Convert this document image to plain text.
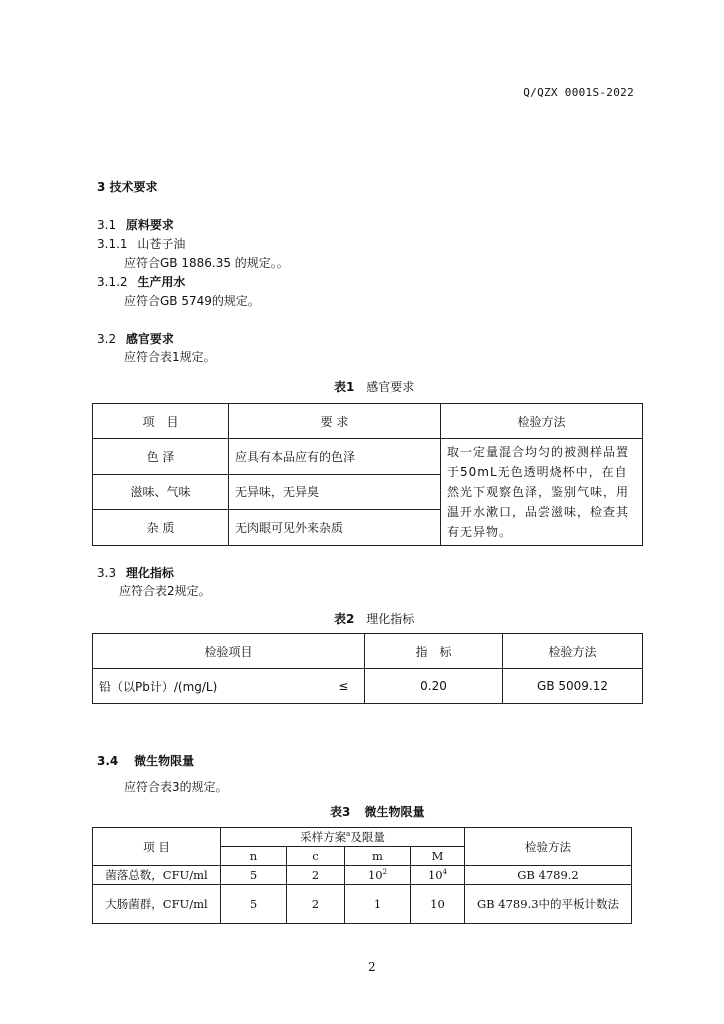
Q/QZX 0001S-2022
3 技术要求
3.1 原料要求
3.1.1 山苍子油
应符合GB 1886.35 的规定。。
3.1.2 生产用水
应符合GB 5749的规定。
3.2 感官要求
应符合表1规定。
表1 感官要求
项　目	要 求	检验方法
色 泽	应具有本品应有的色泽	取一定量混合均匀的被测样品置于50mL无色透明烧杯中，在自然光下观察色泽，鉴别气味，用温开水漱口，品尝滋味，检查其有无异物。
滋味、气味	无异味，无异臭	
杂 质	无肉眼可见外来杂质	
3.3 理化指标
应符合表2规定。
表2 理化指标
检验项目		指　标	检验方法
铅（以Pb计）/(mg/L)	≤	0.20	GB 5009.12
3.4 微生物限量
应符合表3的规定。
表3 微生物限量
项 目	采样方案$^a$及限量				检验方法
	n	c	m	M	
菌落总数，CFU/ml	5	2	$10^2$	$10^4$	GB 4789.2
大肠菌群，CFU/ml	5	2	1	10	GB 4789.3中的平板计数法
2
